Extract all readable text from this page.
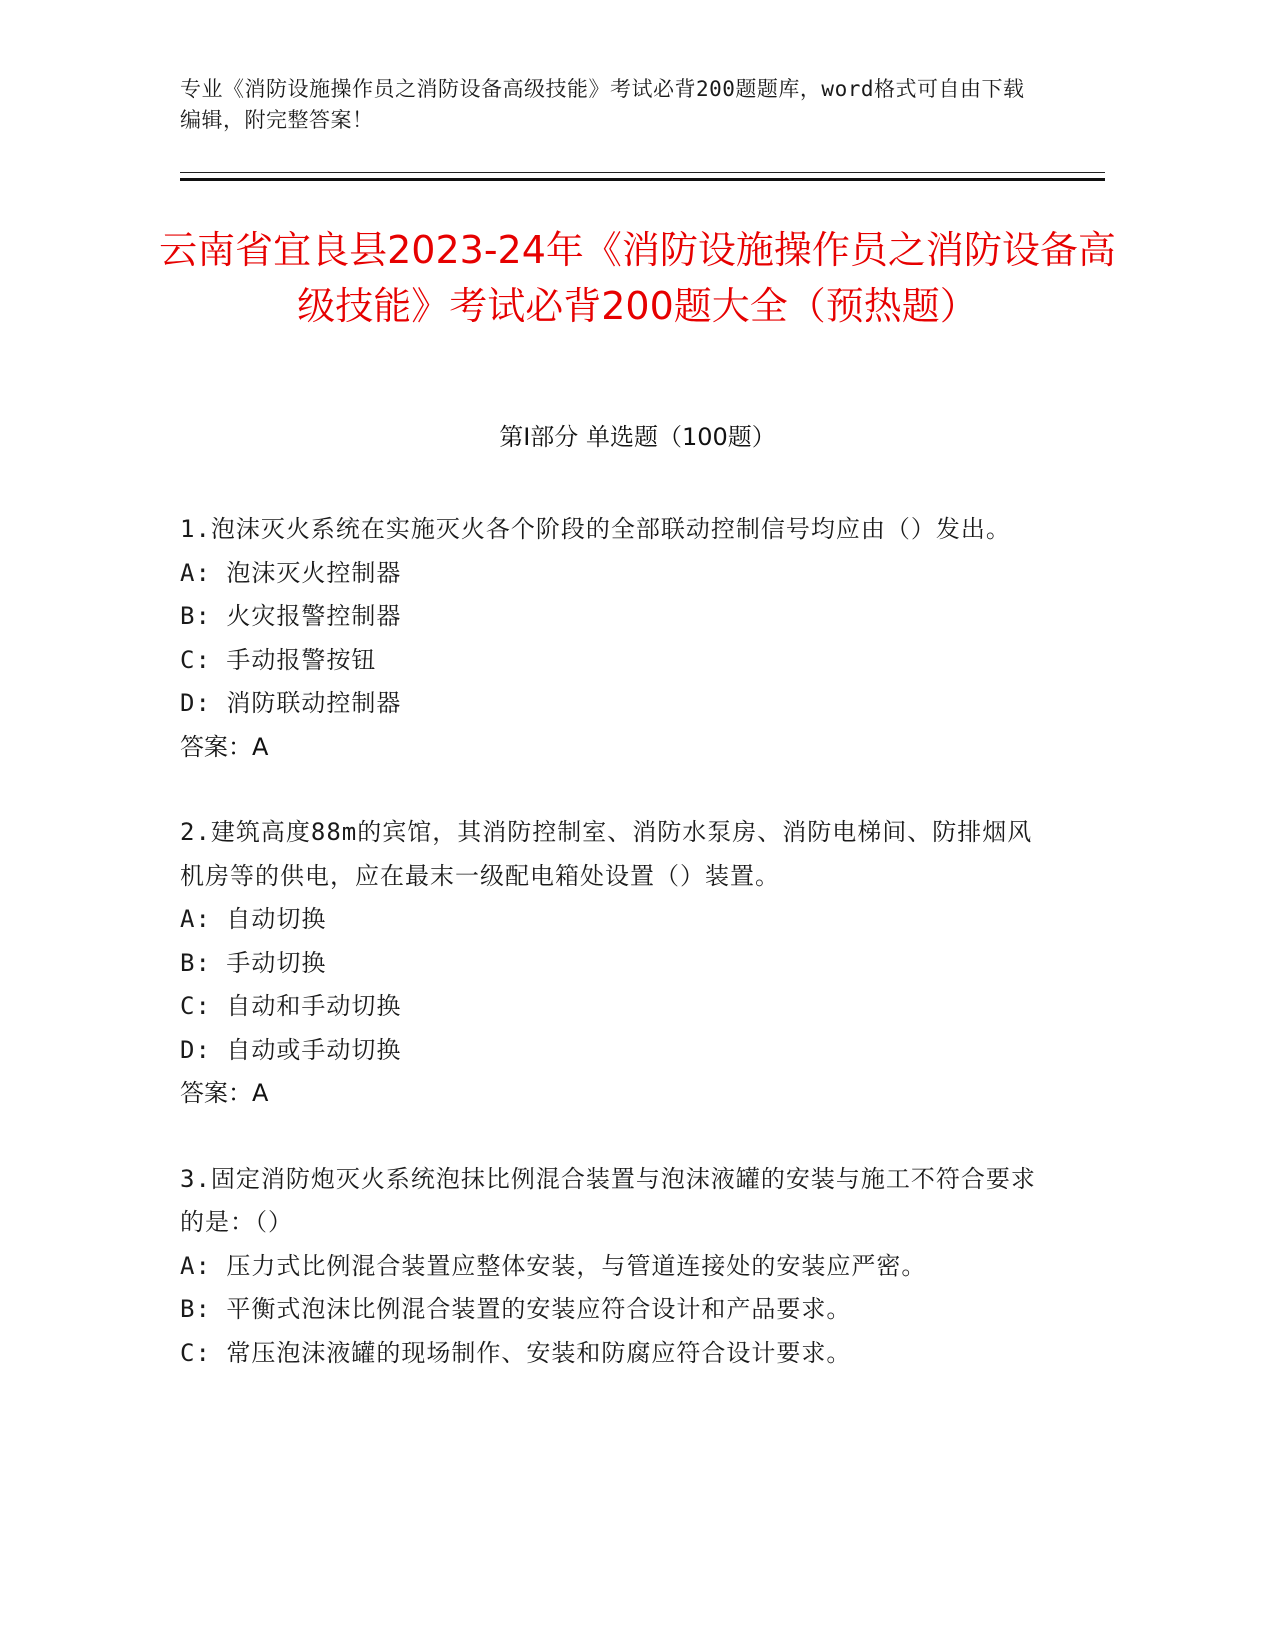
专业《消防设施操作员之消防设备高级技能》考试必背200题题库，word格式可自由下载编辑，附完整答案！

云南省宜良县2023-24年《消防设施操作员之消防设备高级技能》考试必背200题大全（预热题）
第I部分 单选题（100题）

1.泡沫灭火系统在实施灭火各个阶段的全部联动控制信号均应由（）发出。

A: 泡沫灭火控制器

B: 火灾报警控制器

C: 手动报警按钮

D: 消防联动控制器

答案：A

2.建筑高度88m的宾馆，其消防控制室、消防水泵房、消防电梯间、防排烟风机房等的供电，应在最末一级配电箱处设置（）装置。

A: 自动切换

B: 手动切换

C: 自动和手动切换

D: 自动或手动切换

答案：A

3.固定消防炮灭火系统泡抹比例混合装置与泡沫液罐的安装与施工不符合要求的是：（）

A: 压力式比例混合装置应整体安装，与管道连接处的安装应严密。

B: 平衡式泡沫比例混合装置的安装应符合设计和产品要求。

C: 常压泡沫液罐的现场制作、安装和防腐应符合设计要求。
